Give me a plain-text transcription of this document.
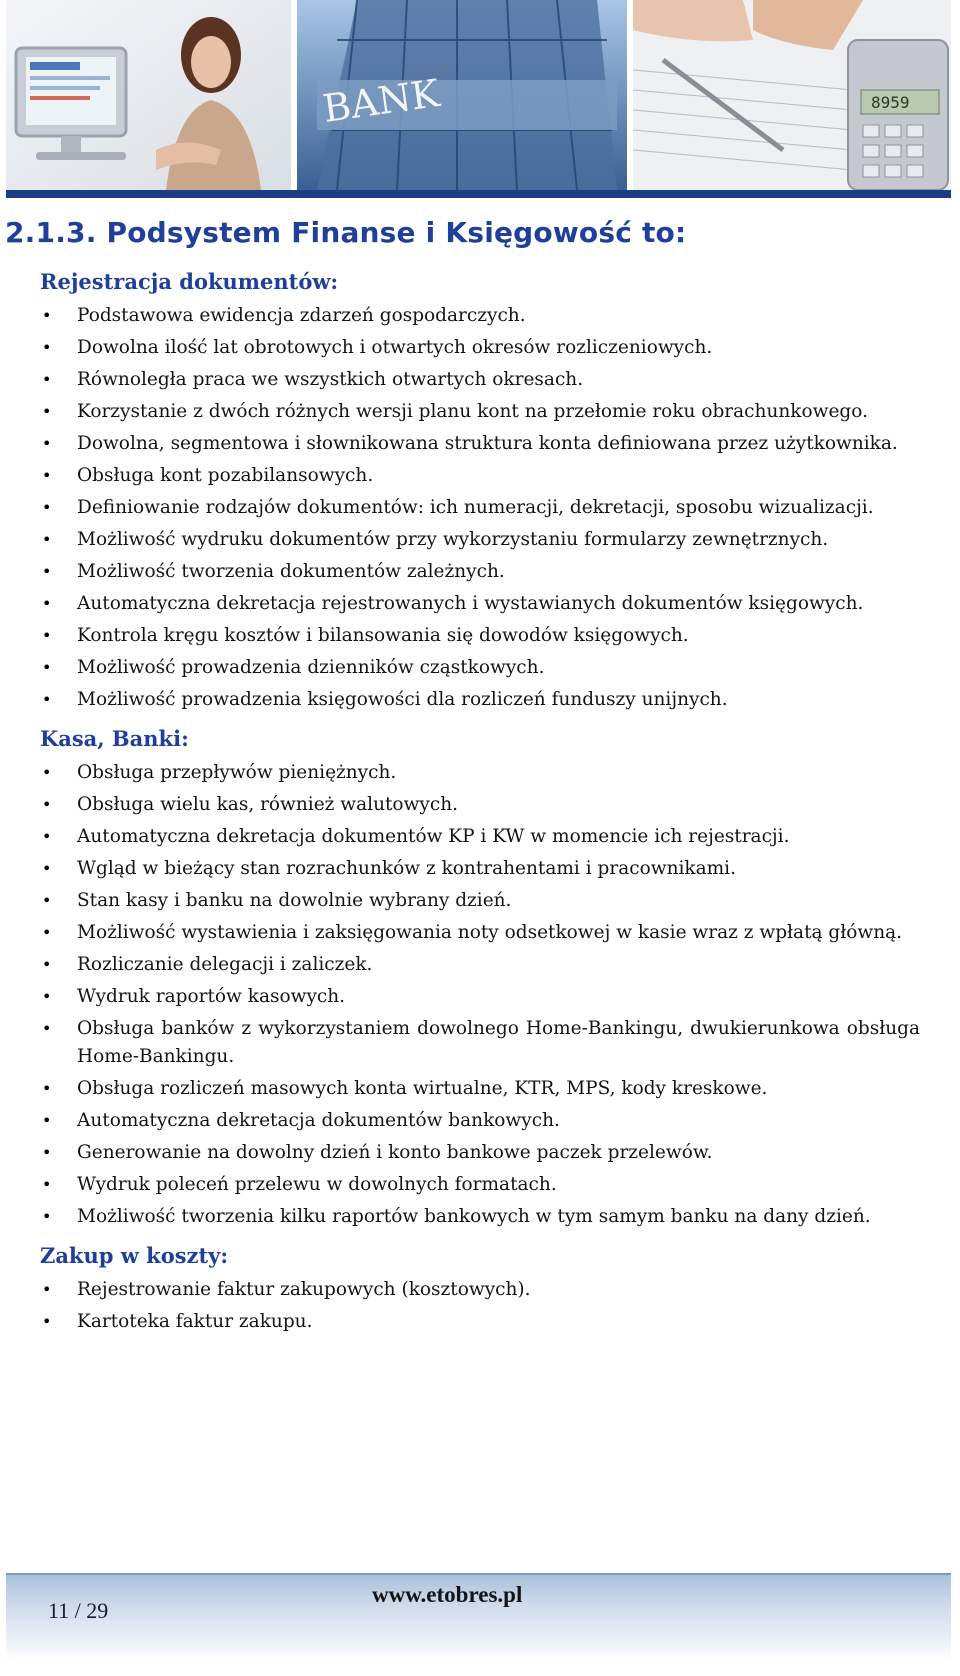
BANK	8959
2.1.3. Podsystem Finanse i Księgowość to:
Rejestracja dokumentów:
• Podstawowa ewidencja zdarzeń gospodarczych.
• Dowolna ilość lat obrotowych i otwartych okresów rozliczeniowych.
• Równoległa praca we wszystkich otwartych okresach.
• Korzystanie z dwóch różnych wersji planu kont na przełomie roku obrachunkowego.
• Dowolna, segmentowa i słownikowana struktura konta definiowana przez użytkownika.
• Obsługa kont pozabilansowych.
• Definiowanie rodzajów dokumentów: ich numeracji, dekretacji, sposobu wizualizacji.
• Możliwość wydruku dokumentów przy wykorzystaniu formularzy zewnętrznych.
• Możliwość tworzenia dokumentów zależnych.
• Automatyczna dekretacja rejestrowanych i wystawianych dokumentów księgowych.
• Kontrola kręgu kosztów i bilansowania się dowodów księgowych.
• Możliwość prowadzenia dzienników cząstkowych.
• Możliwość prowadzenia księgowości dla rozliczeń funduszy unijnych.
Kasa, Banki:
• Obsługa przepływów pieniężnych.
• Obsługa wielu kas, również walutowych.
• Automatyczna dekretacja dokumentów KP i KW w momencie ich rejestracji.
• Wgląd w bieżący stan rozrachunków z kontrahentami i pracownikami.
• Stan kasy i banku na dowolnie wybrany dzień.
• Możliwość wystawienia i zaksięgowania noty odsetkowej w kasie wraz z wpłatą główną.
• Rozliczanie delegacji i zaliczek.
• Wydruk raportów kasowych.
• Obsługa banków z wykorzystaniem dowolnego Home-Bankingu, dwukierunkowa obsługa Home-Bankingu.
• Obsługa rozliczeń masowych konta wirtualne, KTR, MPS, kody kreskowe.
• Automatyczna dekretacja dokumentów bankowych.
• Generowanie na dowolny dzień i konto bankowe paczek przelewów.
• Wydruk poleceń przelewu w dowolnych formatach.
• Możliwość tworzenia kilku raportów bankowych w tym samym banku na dany dzień.
Zakup w koszty:
• Rejestrowanie faktur zakupowych (kosztowych).
• Kartoteka faktur zakupu.
11 / 29
www.etobres.pl
